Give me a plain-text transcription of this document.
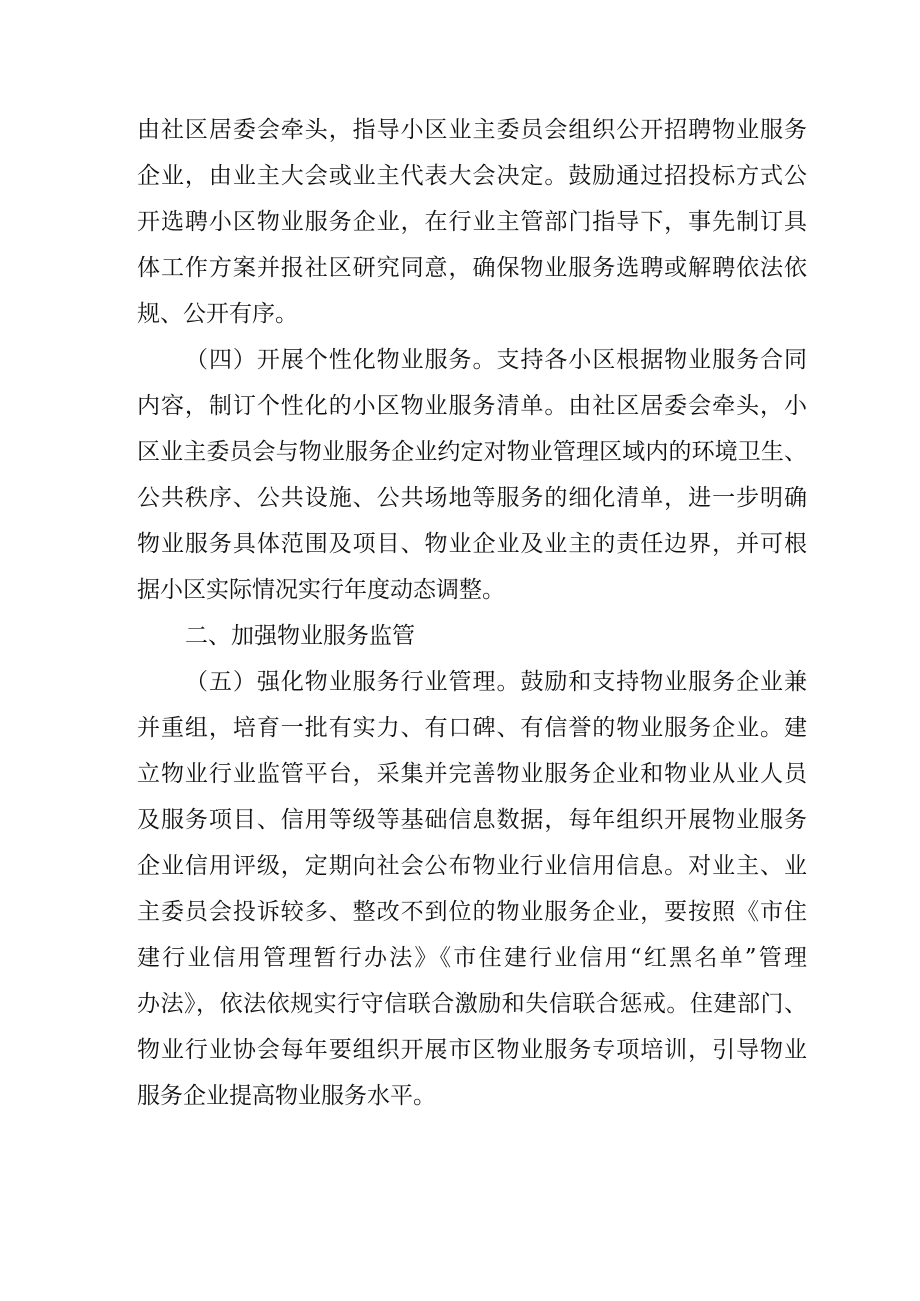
由社区居委会牵头，指导小区业主委员会组织公开招聘物业服务
企业，由业主大会或业主代表大会决定。鼓励通过招投标方式公
开选聘小区物业服务企业，在行业主管部门指导下，事先制订具
体工作方案并报社区研究同意，确保物业服务选聘或解聘依法依
规、公开有序。
（四）开展个性化物业服务。支持各小区根据物业服务合同
内容，制订个性化的小区物业服务清单。由社区居委会牵头，小
区业主委员会与物业服务企业约定对物业管理区域内的环境卫生、
公共秩序、公共设施、公共场地等服务的细化清单，进一步明确
物业服务具体范围及项目、物业企业及业主的责任边界，并可根
据小区实际情况实行年度动态调整。
二、加强物业服务监管
（五）强化物业服务行业管理。鼓励和支持物业服务企业兼
并重组，培育一批有实力、有口碑、有信誉的物业服务企业。建
立物业行业监管平台，采集并完善物业服务企业和物业从业人员
及服务项目、信用等级等基础信息数据，每年组织开展物业服务
企业信用评级，定期向社会公布物业行业信用信息。对业主、业
主委员会投诉较多、整改不到位的物业服务企业，要按照《市住
建行业信用管理暂行办法》《市住建行业信用“红黑名单”管理
办法》，依法依规实行守信联合激励和失信联合惩戒。住建部门、
物业行业协会每年要组织开展市区物业服务专项培训，引导物业
服务企业提高物业服务水平。
